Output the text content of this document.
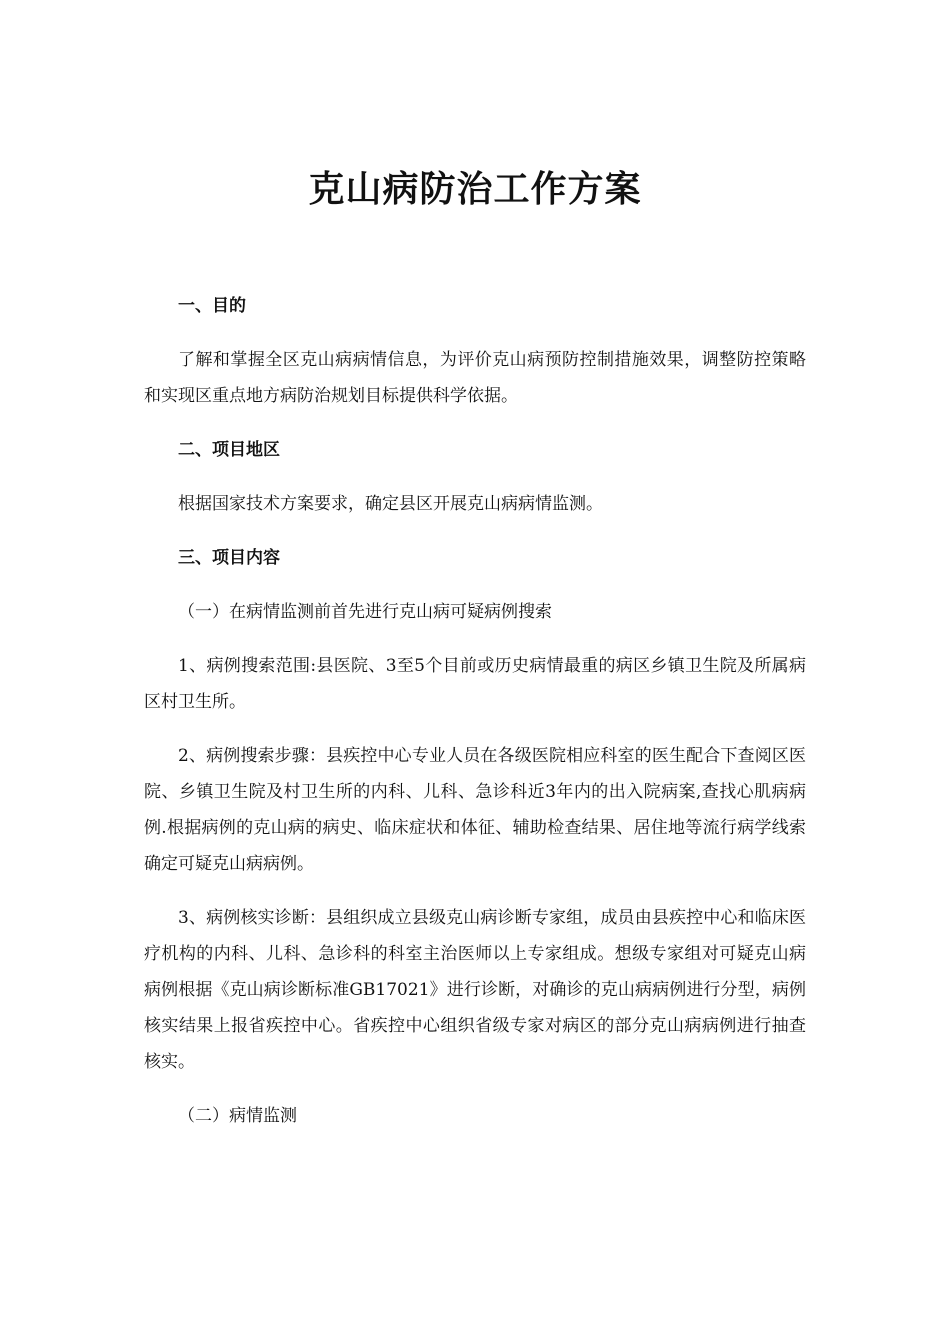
克山病防治工作方案

一、目的

了解和掌握全区克山病病情信息，为评价克山病预防控制措施效果，调整防控策略和实现区重点地方病防治规划目标提供科学依据。

二、项目地区

根据国家技术方案要求，确定县区开展克山病病情监测。

三、项目内容

（一）在病情监测前首先进行克山病可疑病例搜索

1、病例搜索范围:县医院、3至5个目前或历史病情最重的病区乡镇卫生院及所属病区村卫生所。

2、病例搜索步骤：县疾控中心专业人员在各级医院相应科室的医生配合下查阅区医院、乡镇卫生院及村卫生所的内科、儿科、急诊科近3年内的出入院病案,查找心肌病病例.根据病例的克山病的病史、临床症状和体征、辅助检查结果、居住地等流行病学线索确定可疑克山病病例。

3、病例核实诊断：县组织成立县级克山病诊断专家组，成员由县疾控中心和临床医疗机构的内科、儿科、急诊科的科室主治医师以上专家组成。想级专家组对可疑克山病病例根据《克山病诊断标准GB17021》进行诊断，对确诊的克山病病例进行分型，病例核实结果上报省疾控中心。省疾控中心组织省级专家对病区的部分克山病病例进行抽查核实。

（二）病情监测
